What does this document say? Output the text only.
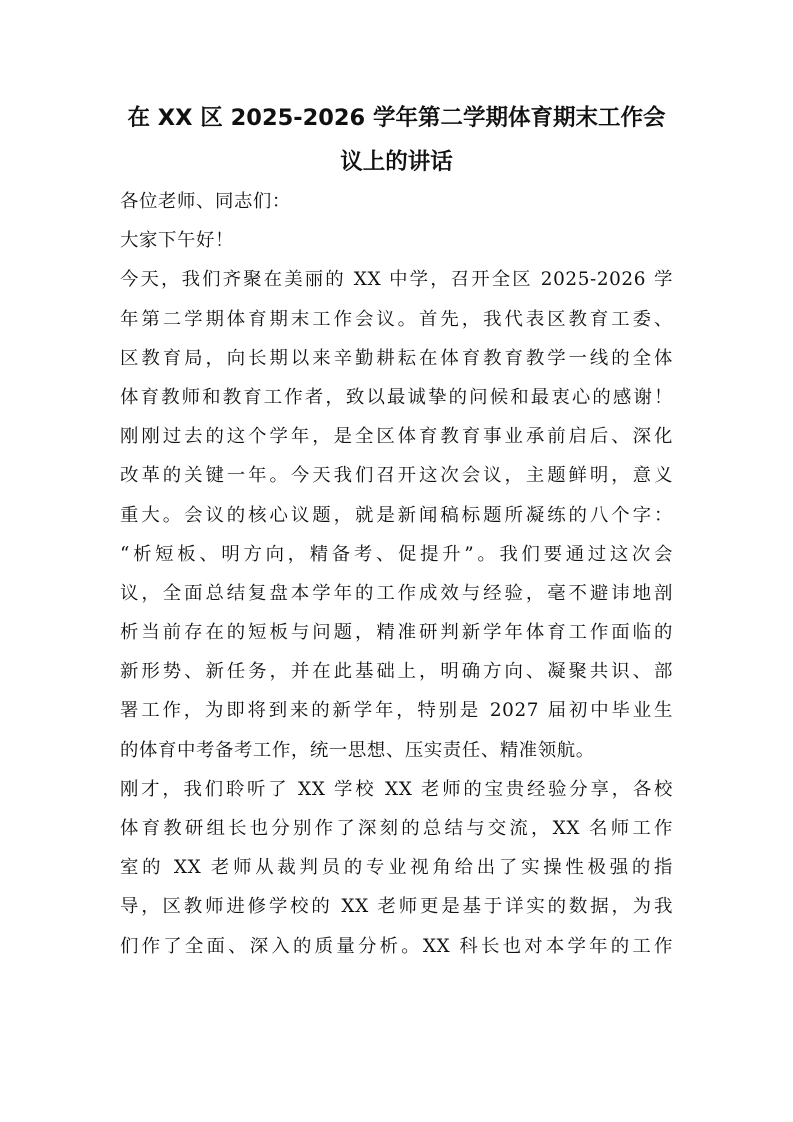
在 XX 区 2025-2026 学年第二学期体育期末工作会
议上的讲话
各位老师、同志们：
大家下午好！
今天，我们齐聚在美丽的 XX 中学，召开全区 2025-2026 学
年第二学期体育期末工作会议。首先，我代表区教育工委、
区教育局，向长期以来辛勤耕耘在体育教育教学一线的全体
体育教师和教育工作者，致以最诚挚的问候和最衷心的感谢！
刚刚过去的这个学年，是全区体育教育事业承前启后、深化
改革的关键一年。今天我们召开这次会议，主题鲜明，意义
重大。会议的核心议题，就是新闻稿标题所凝练的八个字：
“析短板、明方向，精备考、促提升”。我们要通过这次会
议，全面总结复盘本学年的工作成效与经验，毫不避讳地剖
析当前存在的短板与问题，精准研判新学年体育工作面临的
新形势、新任务，并在此基础上，明确方向、凝聚共识、部
署工作，为即将到来的新学年，特别是 2027 届初中毕业生
的体育中考备考工作，统一思想、压实责任、精准领航。
刚才，我们聆听了 XX 学校 XX 老师的宝贵经验分享，各校
体育教研组长也分别作了深刻的总结与交流，XX 名师工作
室的 XX 老师从裁判员的专业视角给出了实操性极强的指
导，区教师进修学校的 XX 老师更是基于详实的数据，为我
们作了全面、深入的质量分析。XX 科长也对本学年的工作
